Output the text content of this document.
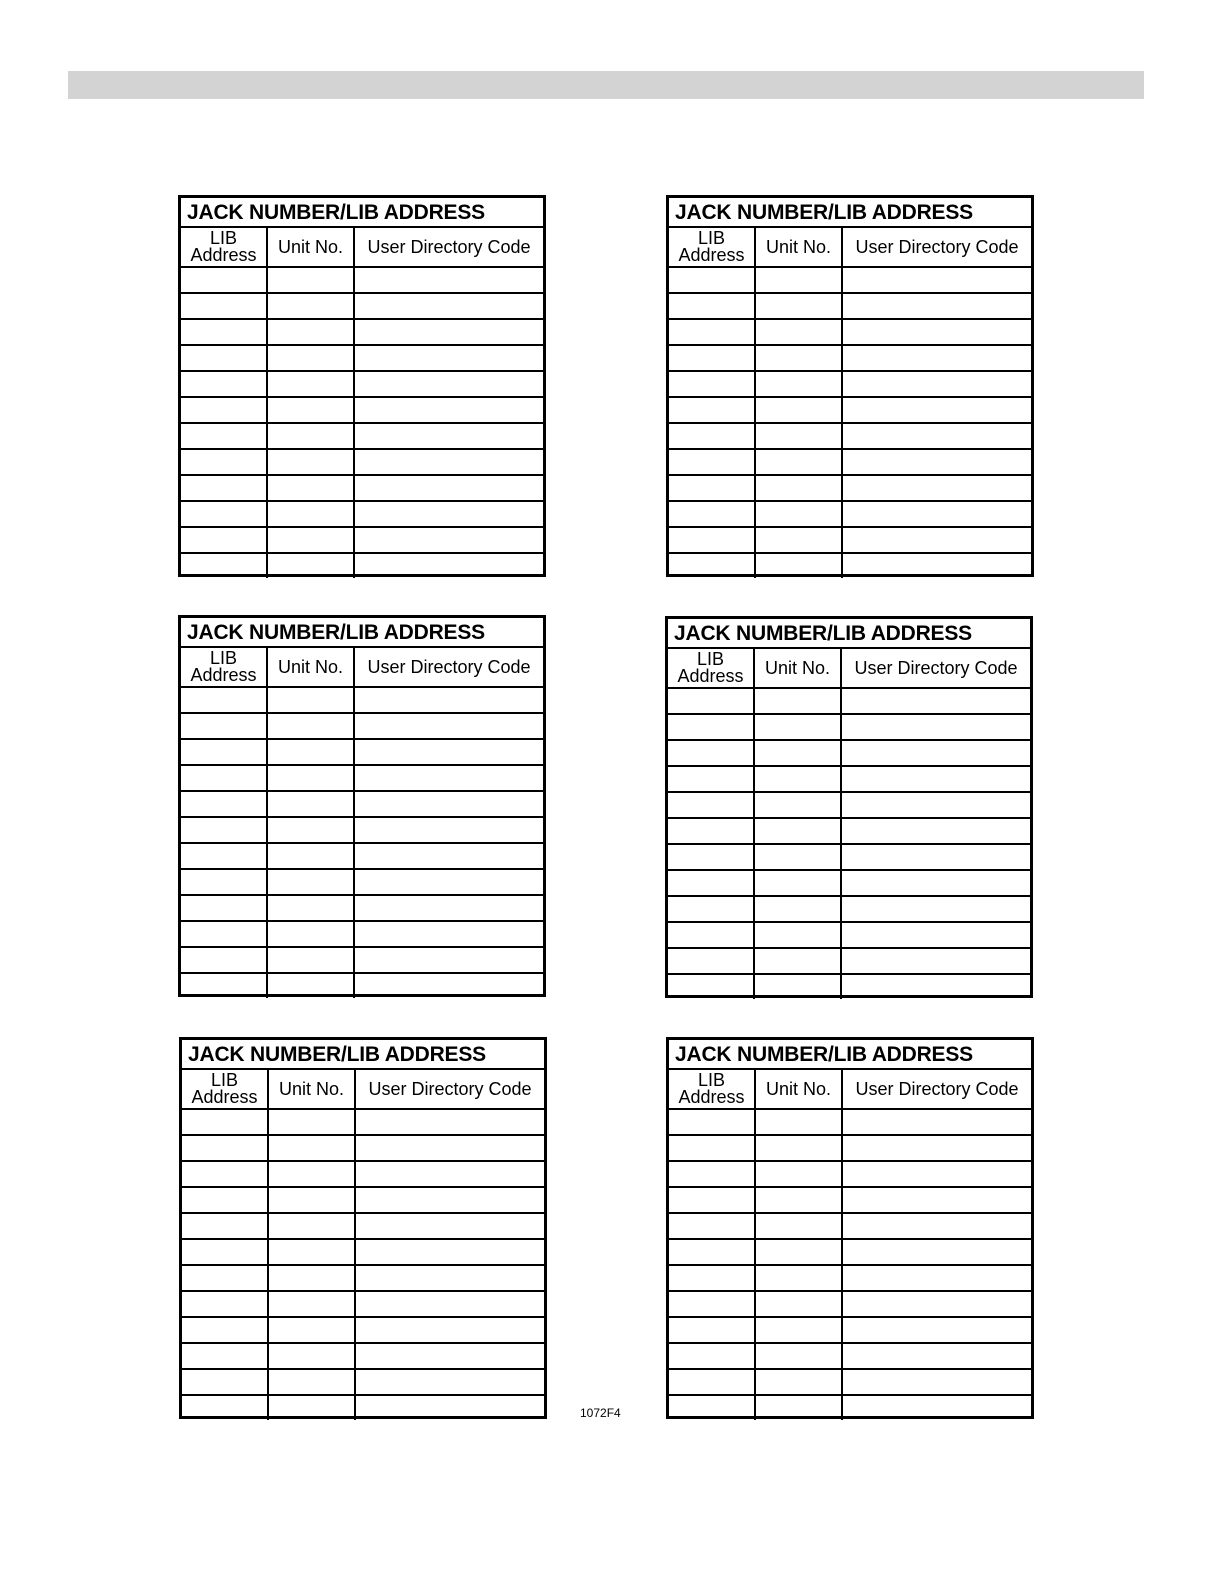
JACK NUMBER/LIB ADDRESS
LIB
Address	Unit No.	User Directory Code

JACK NUMBER/LIB ADDRESS
LIB
Address	Unit No.	User Directory Code

JACK NUMBER/LIB ADDRESS
LIB
Address	Unit No.	User Directory Code

JACK NUMBER/LIB ADDRESS
LIB
Address	Unit No.	User Directory Code

JACK NUMBER/LIB ADDRESS
LIB
Address	Unit No.	User Directory Code

JACK NUMBER/LIB ADDRESS
LIB
Address	Unit No.	User Directory Code

1072F4
